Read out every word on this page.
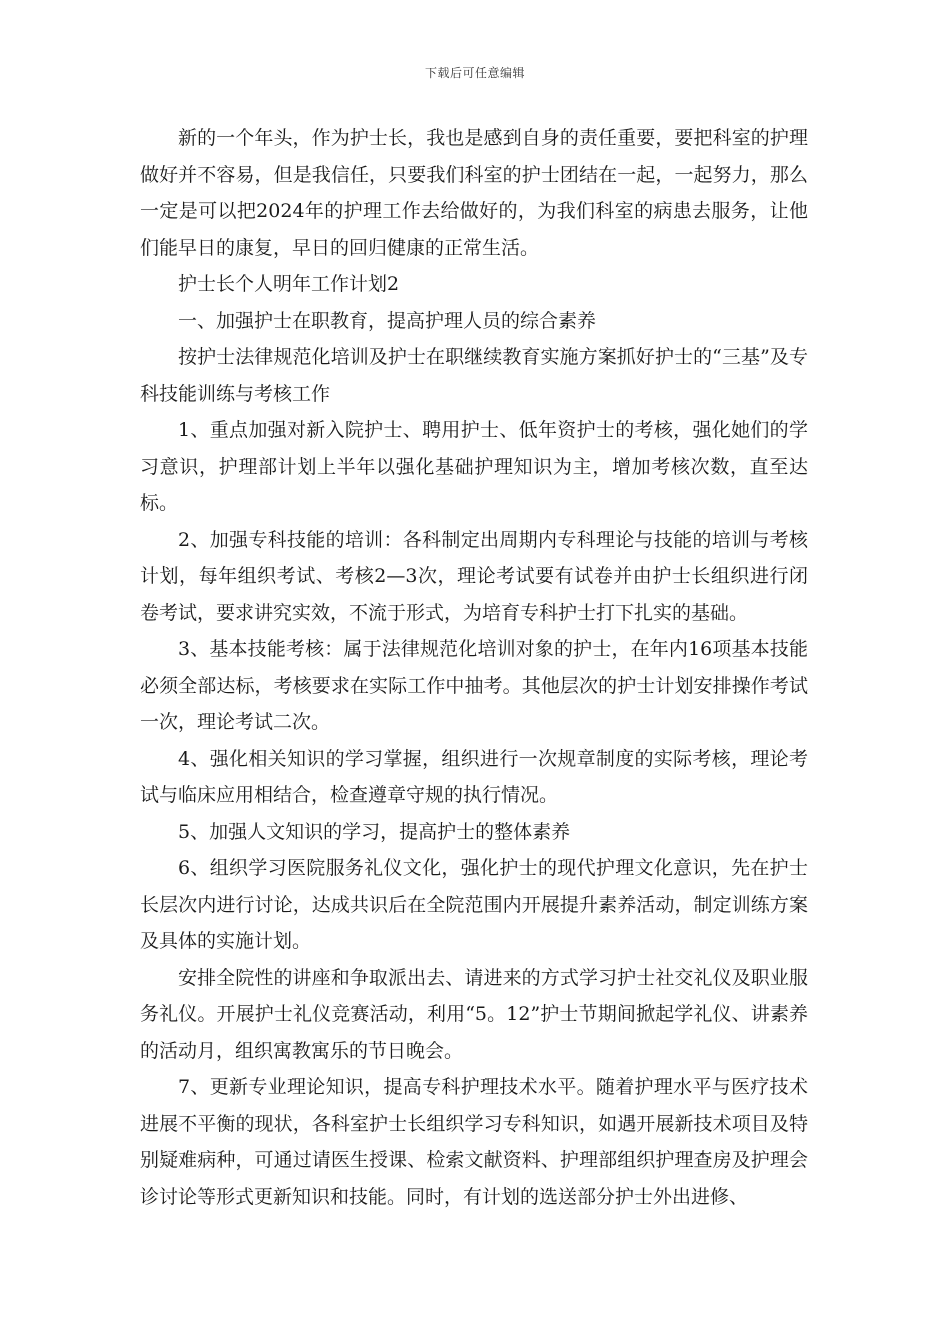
下载后可任意编辑

新的一个年头，作为护士长，我也是感到自身的责任重要，要把科室的护理做好并不容易，但是我信任，只要我们科室的护士团结在一起，一起努力，那么一定是可以把2024年的护理工作去给做好的，为我们科室的病患去服务，让他们能早日的康复，早日的回归健康的正常生活。

护士长个人明年工作计划2

一、加强护士在职教育，提高护理人员的综合素养

按护士法律规范化培训及护士在职继续教育实施方案抓好护士的“三基”及专科技能训练与考核工作

1、重点加强对新入院护士、聘用护士、低年资护士的考核，强化她们的学习意识，护理部计划上半年以强化基础护理知识为主，增加考核次数，直至达标。

2、加强专科技能的培训：各科制定出周期内专科理论与技能的培训与考核计划，每年组织考试、考核2—3次，理论考试要有试卷并由护士长组织进行闭卷考试，要求讲究实效，不流于形式，为培育专科护士打下扎实的基础。

3、基本技能考核：属于法律规范化培训对象的护士，在年内16项基本技能必须全部达标，考核要求在实际工作中抽考。其他层次的护士计划安排操作考试一次，理论考试二次。

4、强化相关知识的学习掌握，组织进行一次规章制度的实际考核，理论考试与临床应用相结合，检查遵章守规的执行情况。

5、加强人文知识的学习，提高护士的整体素养

6、组织学习医院服务礼仪文化，强化护士的现代护理文化意识，先在护士长层次内进行讨论，达成共识后在全院范围内开展提升素养活动，制定训练方案及具体的实施计划。

安排全院性的讲座和争取派出去、请进来的方式学习护士社交礼仪及职业服务礼仪。开展护士礼仪竞赛活动，利用“5。12”护士节期间掀起学礼仪、讲素养的活动月，组织寓教寓乐的节日晚会。

7、更新专业理论知识，提高专科护理技术水平。随着护理水平与医疗技术进展不平衡的现状，各科室护士长组织学习专科知识，如遇开展新技术项目及特别疑难病种，可通过请医生授课、检索文献资料、护理部组织护理查房及护理会诊讨论等形式更新知识和技能。同时，有计划的选送部分护士外出进修、
